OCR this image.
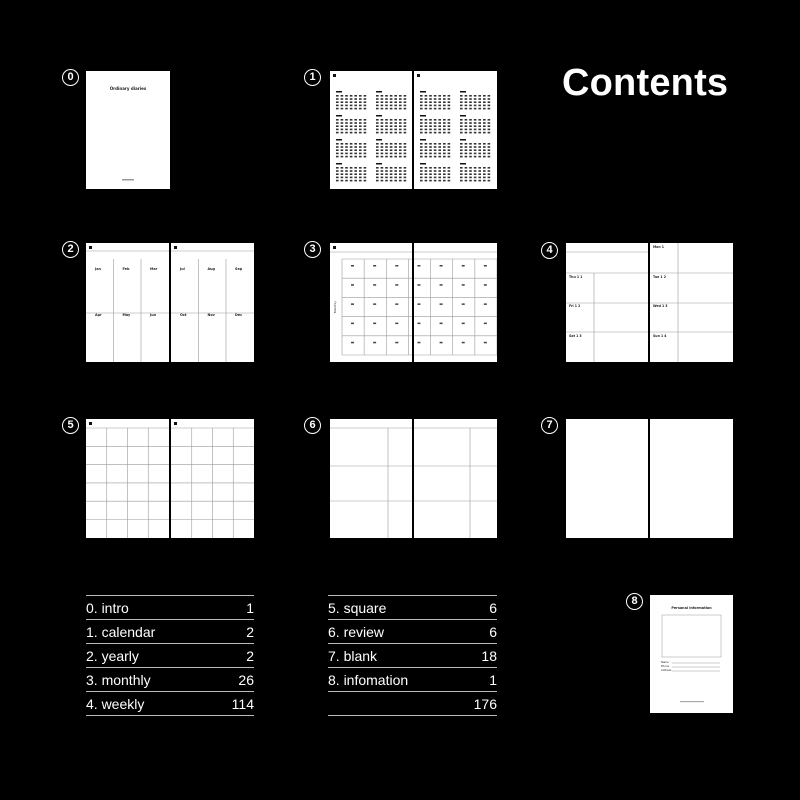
Contents
0	1
2	3	4
5	6	7
8
Ordinary diaries
Jan	Feb	Mar
Apr	May	Jun
Jul	Aug	Sep
Oct	Nov	Dec
Monthly
Mon 1
Thu 1 1	Tue 1 2
Fri 1 2	Wed 1 3
Sat 1 3	Sun 1 4
Personal information
Name
Phone
Address
0. intro	1
1. calendar	2
2. yearly	2
3. monthly	26
4. weekly	114
5. square	6
6. review	6
7. blank	18
8. infomation	1
	176
